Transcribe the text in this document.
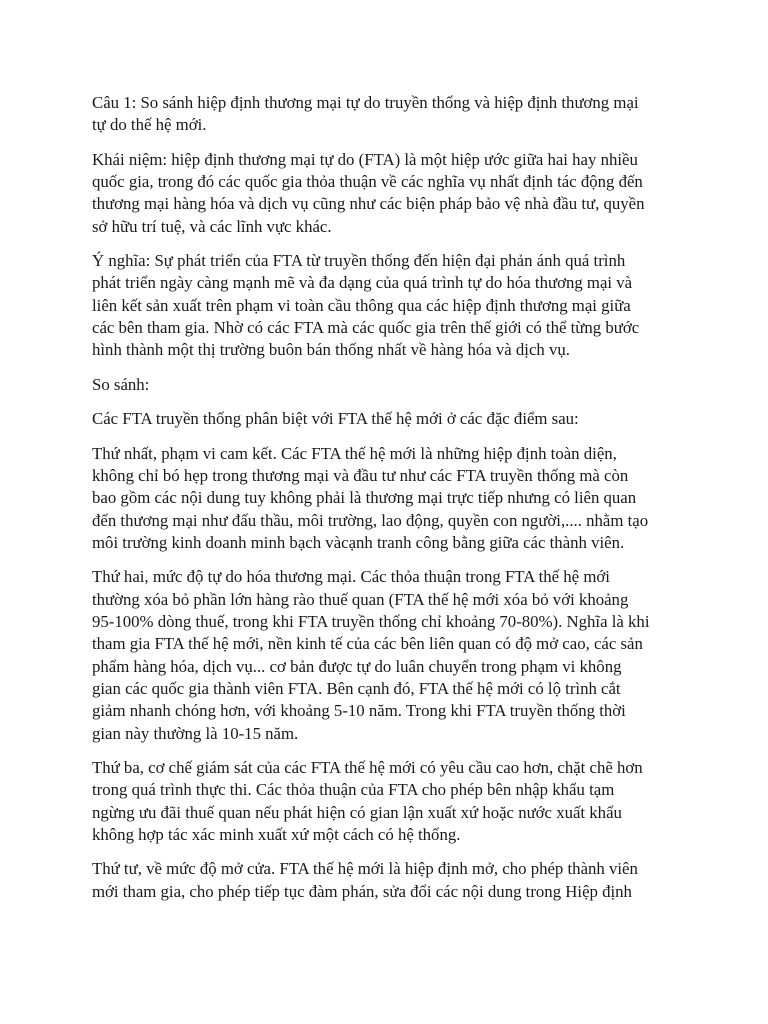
Câu 1: So sánh hiệp định thương mại tự do truyền thống và hiệp định thương mại
tự do thế hệ mới.

Khái niệm: hiệp định thương mại tự do (FTA) là một hiệp ước giữa hai hay nhiều
quốc gia, trong đó các quốc gia thỏa thuận về các nghĩa vụ nhất định tác động đến
thương mại hàng hóa và dịch vụ cũng như các biện pháp bảo vệ nhà đầu tư, quyền
sở hữu trí tuệ, và các lĩnh vực khác.

Ý nghĩa: Sự phát triển của FTA từ truyền thống đến hiện đại phản ánh quá trình
phát triển ngày càng mạnh mẽ và đa dạng của quá trình tự do hóa thương mại và
liên kết sản xuất trên phạm vi toàn cầu thông qua các hiệp định thương mại giữa
các bên tham gia. Nhờ có các FTA mà các quốc gia trên thế giới có thể từng bước
hình thành một thị trường buôn bán thống nhất về hàng hóa và dịch vụ.

So sánh:

Các FTA truyền thống phân biệt với FTA thế hệ mới ở các đặc điểm sau:

Thứ nhất, phạm vi cam kết. Các FTA thế hệ mới là những hiệp định toàn diện,
không chỉ bó hẹp trong thương mại và đầu tư như các FTA truyền thống mà còn
bao gồm các nội dung tuy không phải là thương mại trực tiếp nhưng có liên quan
đến thương mại như đấu thầu, môi trường, lao động, quyền con người,.... nhằm tạo
môi trường kinh doanh minh bạch vàcạnh tranh công bằng giữa các thành viên.

Thứ hai, mức độ tự do hóa thương mại. Các thỏa thuận trong FTA thế hệ mới
thường xóa bỏ phần lớn hàng rào thuế quan (FTA thế hệ mới xóa bỏ với khoảng
95-100% dòng thuế, trong khi FTA truyền thống chỉ khoảng 70-80%). Nghĩa là khi
tham gia FTA thế hệ mới, nền kinh tế của các bên liên quan có độ mở cao, các sản
phẩm hàng hóa, dịch vụ... cơ bản được tự do luân chuyển trong phạm vi không
gian các quốc gia thành viên FTA. Bên cạnh đó, FTA thế hệ mới có lộ trình cắt
giảm nhanh chóng hơn, với khoảng 5-10 năm. Trong khi FTA truyền thống thời
gian này thường là 10-15 năm.

Thứ ba, cơ chế giám sát của các FTA thế hệ mới có yêu cầu cao hơn, chặt chẽ hơn
trong quá trình thực thi. Các thỏa thuận của FTA cho phép bên nhập khẩu tạm
ngừng ưu đãi thuế quan nếu phát hiện có gian lận xuất xứ hoặc nước xuất khẩu
không hợp tác xác minh xuất xứ một cách có hệ thống.

Thứ tư, về mức độ mở cửa. FTA thế hệ mới là hiệp định mở, cho phép thành viên
mới tham gia, cho phép tiếp tục đàm phán, sửa đổi các nội dung trong Hiệp định
